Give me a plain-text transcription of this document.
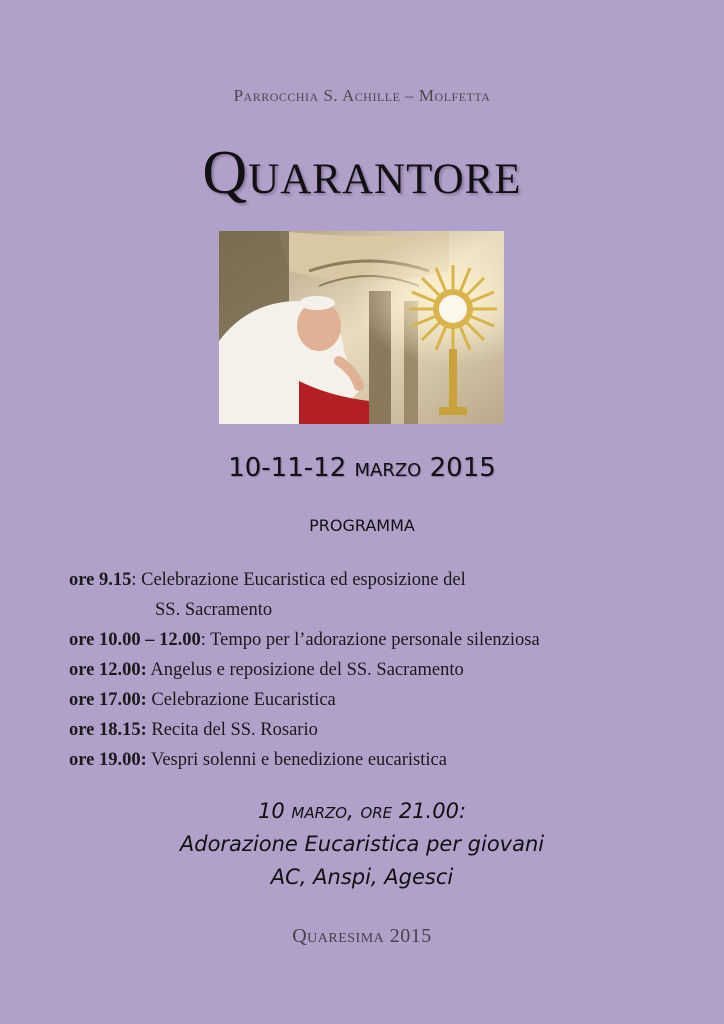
Parrocchia S. Achille – Molfetta
Quarantore
10-11-12 marzo 2015
PROGRAMMA
ore 9.15: Celebrazione Eucaristica ed esposizione del
SS. Sacramento
ore 10.00 – 12.00: Tempo per l’adorazione personale silenziosa
ore 12.00: Angelus e reposizione del SS. Sacramento
ore 17.00: Celebrazione Eucaristica
ore 18.15: Recita del SS. Rosario
ore 19.00: Vespri solenni e benedizione eucaristica
10 marzo, ore 21.00:
Adorazione Eucaristica per giovani
AC, Anspi, Agesci
Quaresima 2015
